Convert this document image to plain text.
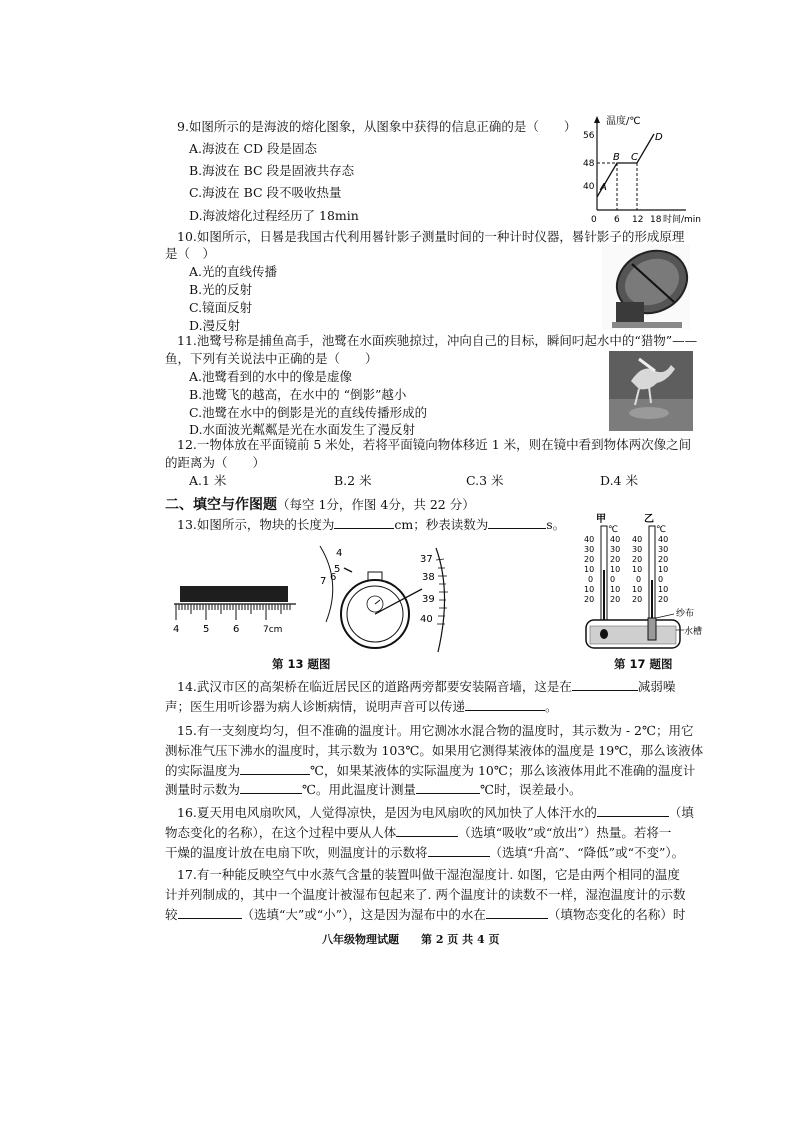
9.如图所示的是海波的熔化图象，从图象中获得的信息正确的是（　　）
A.海波在 CD 段是固态
B.海波在 BC 段是固液共存态
C.海波在 BC 段不吸收热量
D.海波熔化过程经历了 18min
温度/℃
56
48
40
0 6 12 18 时间/min
A
B C
D
10.如图所示，日晷是我国古代利用晷针影子测量时间的一种计时仪器，晷针影子的形成原理
是（　）
A.光的直线传播
B.光的反射
C.镜面反射
D.漫反射
11.池鹭号称是捕鱼高手，池鹭在水面疾驰掠过，冲向自己的目标，瞬间叼起水中的“猎物”——
鱼，下列有关说法中正确的是（　　）
A.池鹭看到的水中的像是虚像
B.池鹭飞的越高，在水中的 “倒影”越小
C.池鹭在水中的倒影是光的直线传播形成的
D.水面波光粼粼是光在水面发生了漫反射
12.一物体放在平面镜前 5 米处，若将平面镜向物体移近 1 米，则在镜中看到物体两次像之间
的距离为（　　）
A.1 米	B.2 米	C.3 米	D.4 米
二、填空与作图题（每空 1分，作图 4分，共 22 分）
13.如图所示，物块的长度为	cm；秒表读数为	s。
4 5 6	7cm
4
5
6
7
37
38
39
40
第 13 题图
甲	乙
℃	℃
40
30
20
10
0
10
20
40
30
20
10
0
10
20
40
30
20
10
0
10
20
40
30
20
10
0
10
20
纱布
水槽
第 17 题图
14.武汉市区的高架桥在临近居民区的道路两旁都要安装隔音墙，这是在	减弱噪
声；医生用听诊器为病人诊断病情，说明声音可以传递	。
15.有一支刻度均匀，但不准确的温度计。用它测冰水混合物的温度时，其示数为 - 2℃；用它
测标准气压下沸水的温度时，其示数为 103℃。如果用它测得某液体的温度是 19℃，那么该液体
的实际温度为	℃，如果某液体的实际温度为 10℃；那么该液体用此不准确的温度计
测量时示数为	℃。用此温度计测量	℃时，误差最小。
16.夏天用电风扇吹风，人觉得凉快，是因为电风扇吹的风加快了人体汗水的	（填
物态变化的名称），在这个过程中要从人体	（选填“吸收”或“放出”）热量。若将一
干燥的温度计放在电扇下吹，则温度计的示数将	（选填“升高”、“降低”或“不变”）。
17.有一种能反映空气中水蒸气含量的装置叫做干湿泡湿度计. 如图，它是由两个相同的温度
计并列制成的，其中一个温度计被湿布包起来了. 两个温度计的读数不一样，湿泡温度计的示数
较	（选填“大”或“小”），这是因为湿布中的水在	（填物态变化的名称）时
八年级物理试题　　第 2 页 共 4 页
